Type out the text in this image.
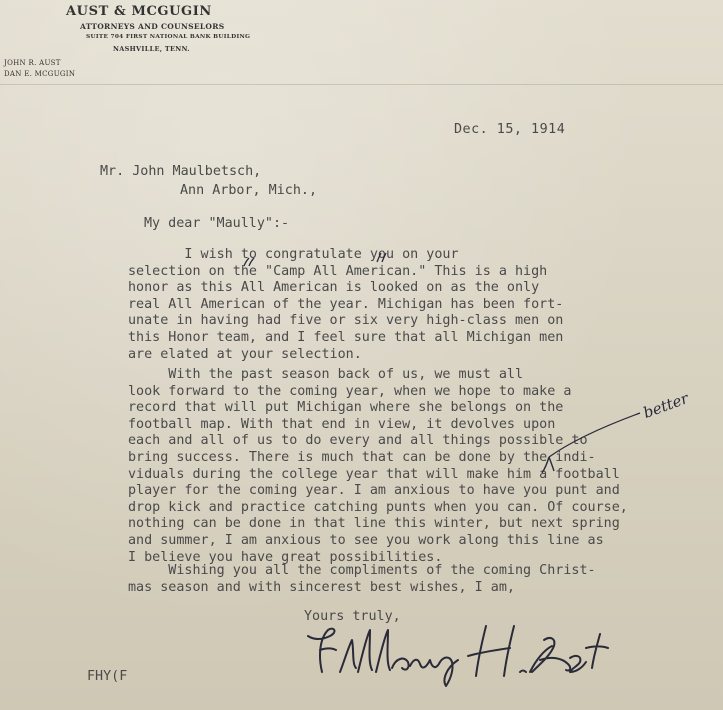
AUST & MCGUGIN
ATTORNEYS AND COUNSELORS
SUITE 704 FIRST NATIONAL BANK BUILDING
NASHVILLE, TENN.
JOHN R. AUST
DAN E. MCGUGIN
Dec. 15, 1914
Mr. John Maulbetsch,
Ann Arbor, Mich.,
My dear "Maully":-
I wish to congratulate you on your
selection on the "Camp All American." This is a high
honor as this All American is looked on as the only
real All American of the year. Michigan has been fort-
unate in having had five or six very high-class men on
this Honor team, and I feel sure that all Michigan men
are elated at your selection.
With the past season back of us, we must all
look forward to the coming year, when we hope to make a
record that will put Michigan where she belongs on the
football map. With that end in view, it devolves upon
each and all of us to do every and all things possible to
bring success. There is much that can be done by the indi-
viduals during the college year that will make him a football
player for the coming year. I am anxious to have you punt and
drop kick and practice catching punts when you can. Of course,
nothing can be done in that line this winter, but next spring
and summer, I am anxious to see you work along this line as
I believe you have great possibilities.
Wishing you all the compliments of the coming Christ-
mas season and with sincerest best wishes, I am,
Yours truly,
FHY(F
better
